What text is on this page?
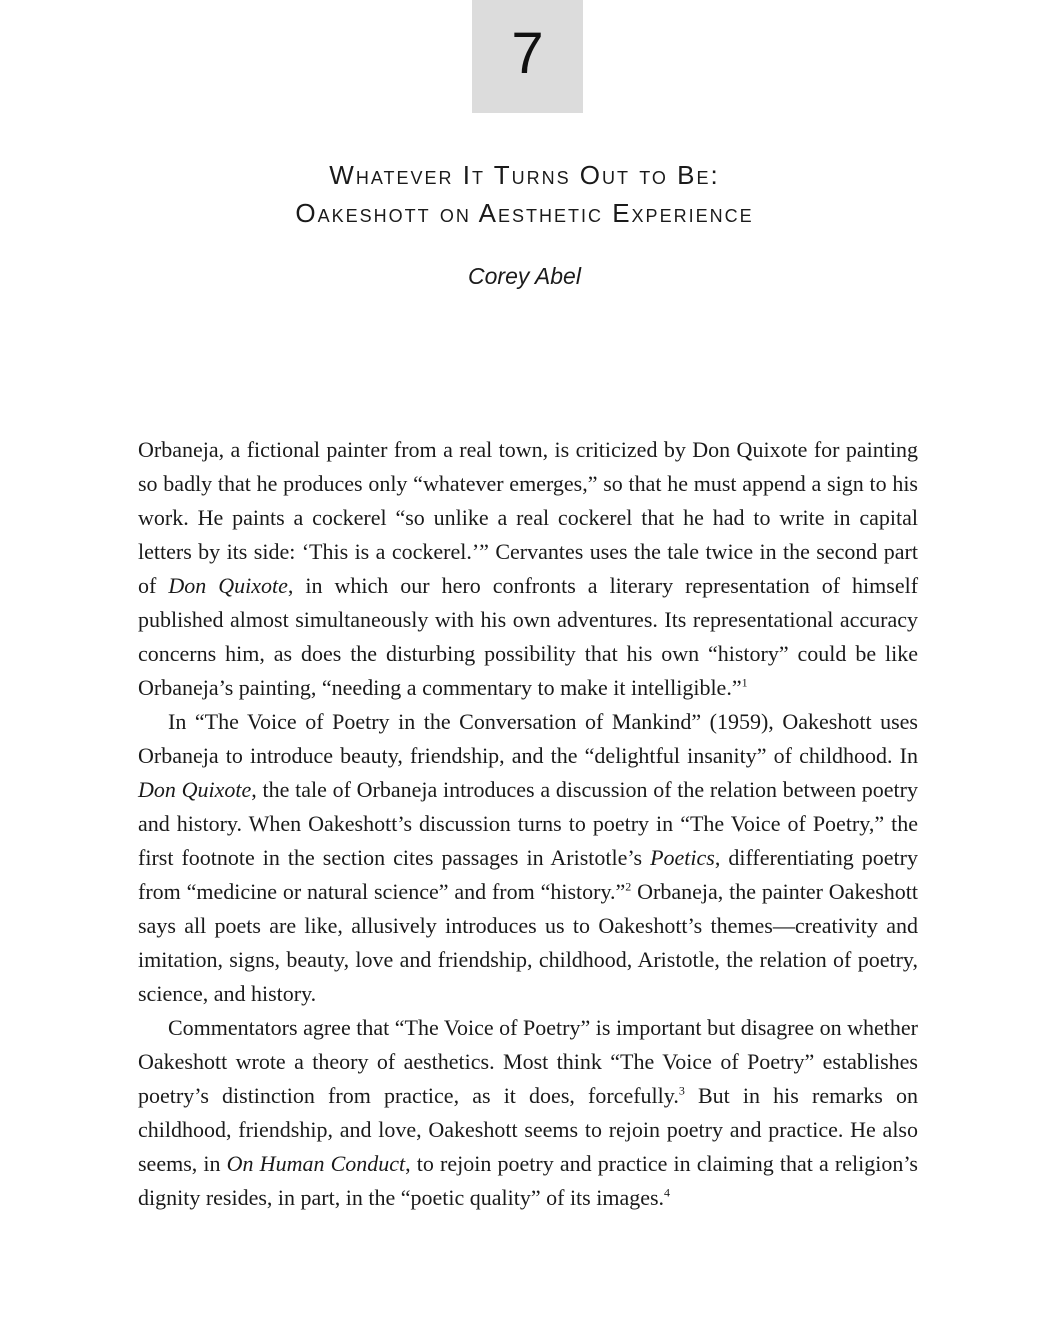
7
Whatever It Turns Out to Be:
Oakeshott on Aesthetic Experience
Corey Abel

Orbaneja, a fictional painter from a real town, is criticized by Don Quixote for painting so badly that he produces only “whatever emerges,” so that he must append a sign to his work. He paints a cockerel “so unlike a real cockerel that he had to write in capital letters by its side: ‘This is a cockerel.’” Cervantes uses the tale twice in the second part of Don Quixote, in which our hero confronts a literary representation of himself published almost simultaneously with his own adventures. Its representational accuracy concerns him, as does the disturbing possibility that his own “history” could be like Orbaneja’s painting, “needing a commentary to make it intelligible.”$^1$

In “The Voice of Poetry in the Conversation of Mankind” (1959), Oakeshott uses Orbaneja to introduce beauty, friendship, and the “delightful insanity” of childhood. In Don Quixote, the tale of Orbaneja introduces a discussion of the relation between poetry and history. When Oakeshott’s discussion turns to poetry in “The Voice of Poetry,” the first footnote in the section cites passages in Aristotle’s Poetics, differentiating poetry from “medicine or natural science” and from “history.”$^2$ Orbaneja, the painter Oakeshott says all poets are like, allusively introduces us to Oakeshott’s themes—creativity and imitation, signs, beauty, love and friendship, childhood, Aristotle, the relation of poetry, science, and history.

Commentators agree that “The Voice of Poetry” is important but disagree on whether Oakeshott wrote a theory of aesthetics. Most think “The Voice of Poetry” establishes poetry’s distinction from practice, as it does, forcefully.$^3$ But in his remarks on childhood, friendship, and love, Oakeshott seems to rejoin poetry and practice. He also seems, in On Human Conduct, to rejoin poetry and practice in claiming that a religion’s dignity resides, in part, in the “poetic quality” of its images.$^4$
